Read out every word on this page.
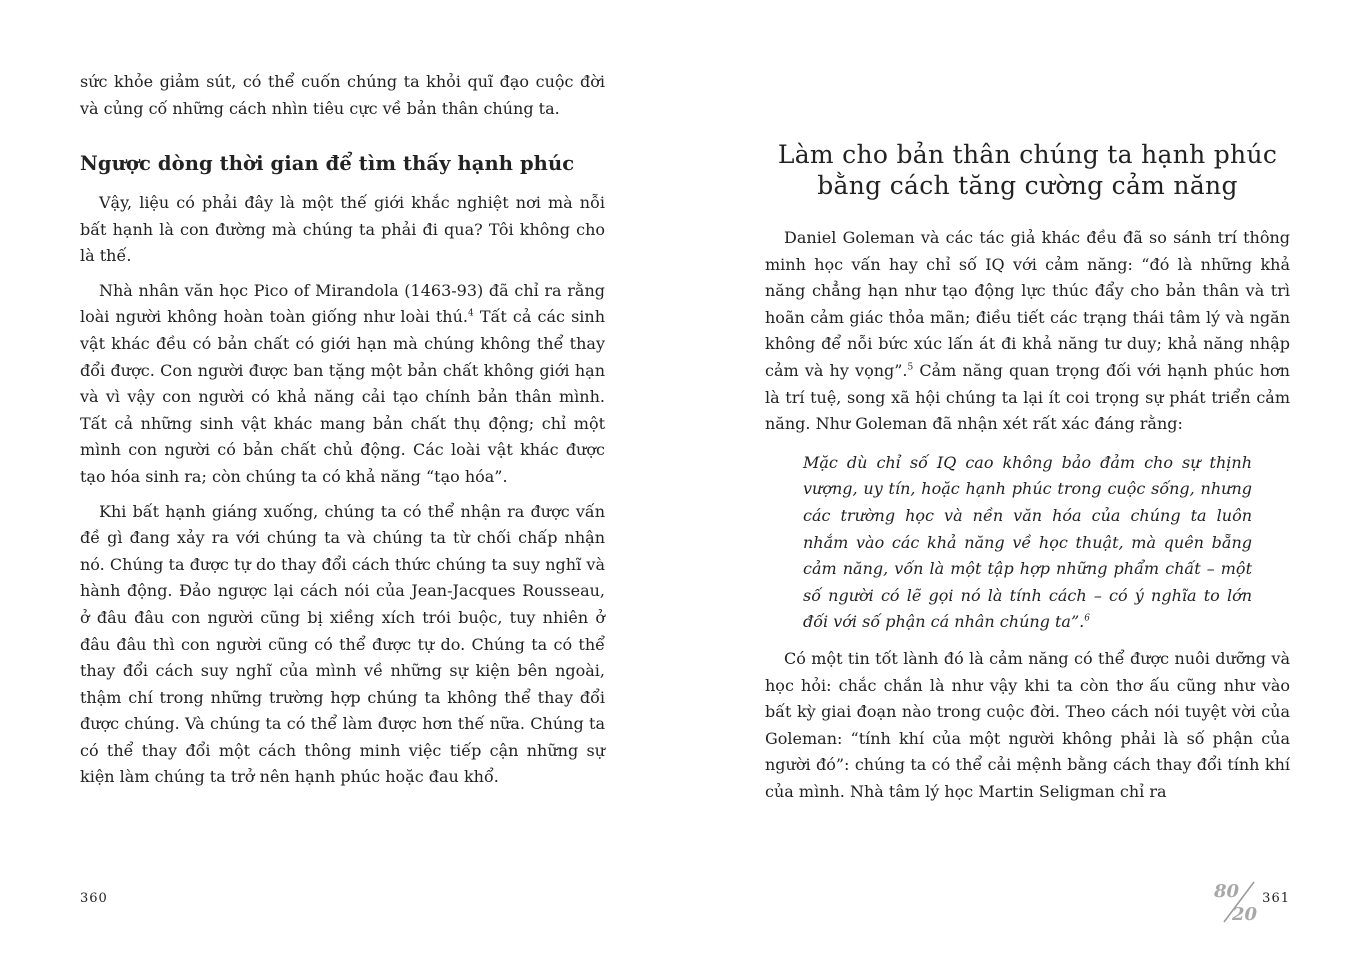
sức khỏe giảm sút, có thể cuốn chúng ta khỏi quĩ đạo cuộc đời và củng cố những cách nhìn tiêu cực về bản thân chúng ta.

Ngược dòng thời gian để tìm thấy hạnh phúc

Vậy, liệu có phải đây là một thế giới khắc nghiệt nơi mà nỗi bất hạnh là con đường mà chúng ta phải đi qua? Tôi không cho là thế.

Nhà nhân văn học Pico of Mirandola (1463-93) đã chỉ ra rằng loài người không hoàn toàn giống như loài thú.$^4$ Tất cả các sinh vật khác đều có bản chất có giới hạn mà chúng không thể thay đổi được. Con người được ban tặng một bản chất không giới hạn và vì vậy con người có khả năng cải tạo chính bản thân mình. Tất cả những sinh vật khác mang bản chất thụ động; chỉ một mình con người có bản chất chủ động. Các loài vật khác được tạo hóa sinh ra; còn chúng ta có khả năng “tạo hóa”.

Khi bất hạnh giáng xuống, chúng ta có thể nhận ra được vấn đề gì đang xảy ra với chúng ta và chúng ta từ chối chấp nhận nó. Chúng ta được tự do thay đổi cách thức chúng ta suy nghĩ và hành động. Đảo ngược lại cách nói của Jean-Jacques Rousseau, ở đâu đâu con người cũng bị xiềng xích trói buộc, tuy nhiên ở đâu đâu thì con người cũng có thể được tự do. Chúng ta có thể thay đổi cách suy nghĩ của mình về những sự kiện bên ngoài, thậm chí trong những trường hợp chúng ta không thể thay đổi được chúng. Và chúng ta có thể làm được hơn thế nữa. Chúng ta có thể thay đổi một cách thông minh việc tiếp cận những sự kiện làm chúng ta trở nên hạnh phúc hoặc đau khổ.

360
Làm cho bản thân chúng ta hạnh phúc
bằng cách tăng cường cảm năng

Daniel Goleman và các tác giả khác đều đã so sánh trí thông minh học vấn hay chỉ số IQ với cảm năng: “đó là những khả năng chẳng hạn như tạo động lực thúc đẩy cho bản thân và trì hoãn cảm giác thỏa mãn; điều tiết các trạng thái tâm lý và ngăn không để nỗi bức xúc lấn át đi khả năng tư duy; khả năng nhập cảm và hy vọng”.$^5$ Cảm năng quan trọng đối với hạnh phúc hơn là trí tuệ, song xã hội chúng ta lại ít coi trọng sự phát triển cảm năng. Như Goleman đã nhận xét rất xác đáng rằng:

Mặc dù chỉ số IQ cao không bảo đảm cho sự thịnh vượng, uy tín, hoặc hạnh phúc trong cuộc sống, nhưng các trường học và nền văn hóa của chúng ta luôn nhắm vào các khả năng về học thuật, mà quên bẵng cảm năng, vốn là một tập hợp những phẩm chất – một số người có lẽ gọi nó là tính cách – có ý nghĩa to lớn đối với số phận cá nhân chúng ta”.$^6$

Có một tin tốt lành đó là cảm năng có thể được nuôi dưỡng và học hỏi: chắc chắn là như vậy khi ta còn thơ ấu cũng như vào bất kỳ giai đoạn nào trong cuộc đời. Theo cách nói tuyệt vời của Goleman: “tính khí của một người không phải là số phận của người đó”: chúng ta có thể cải mệnh bằng cách thay đổi tính khí của mình. Nhà tâm lý học Martin Seligman chỉ ra

361
80
20
